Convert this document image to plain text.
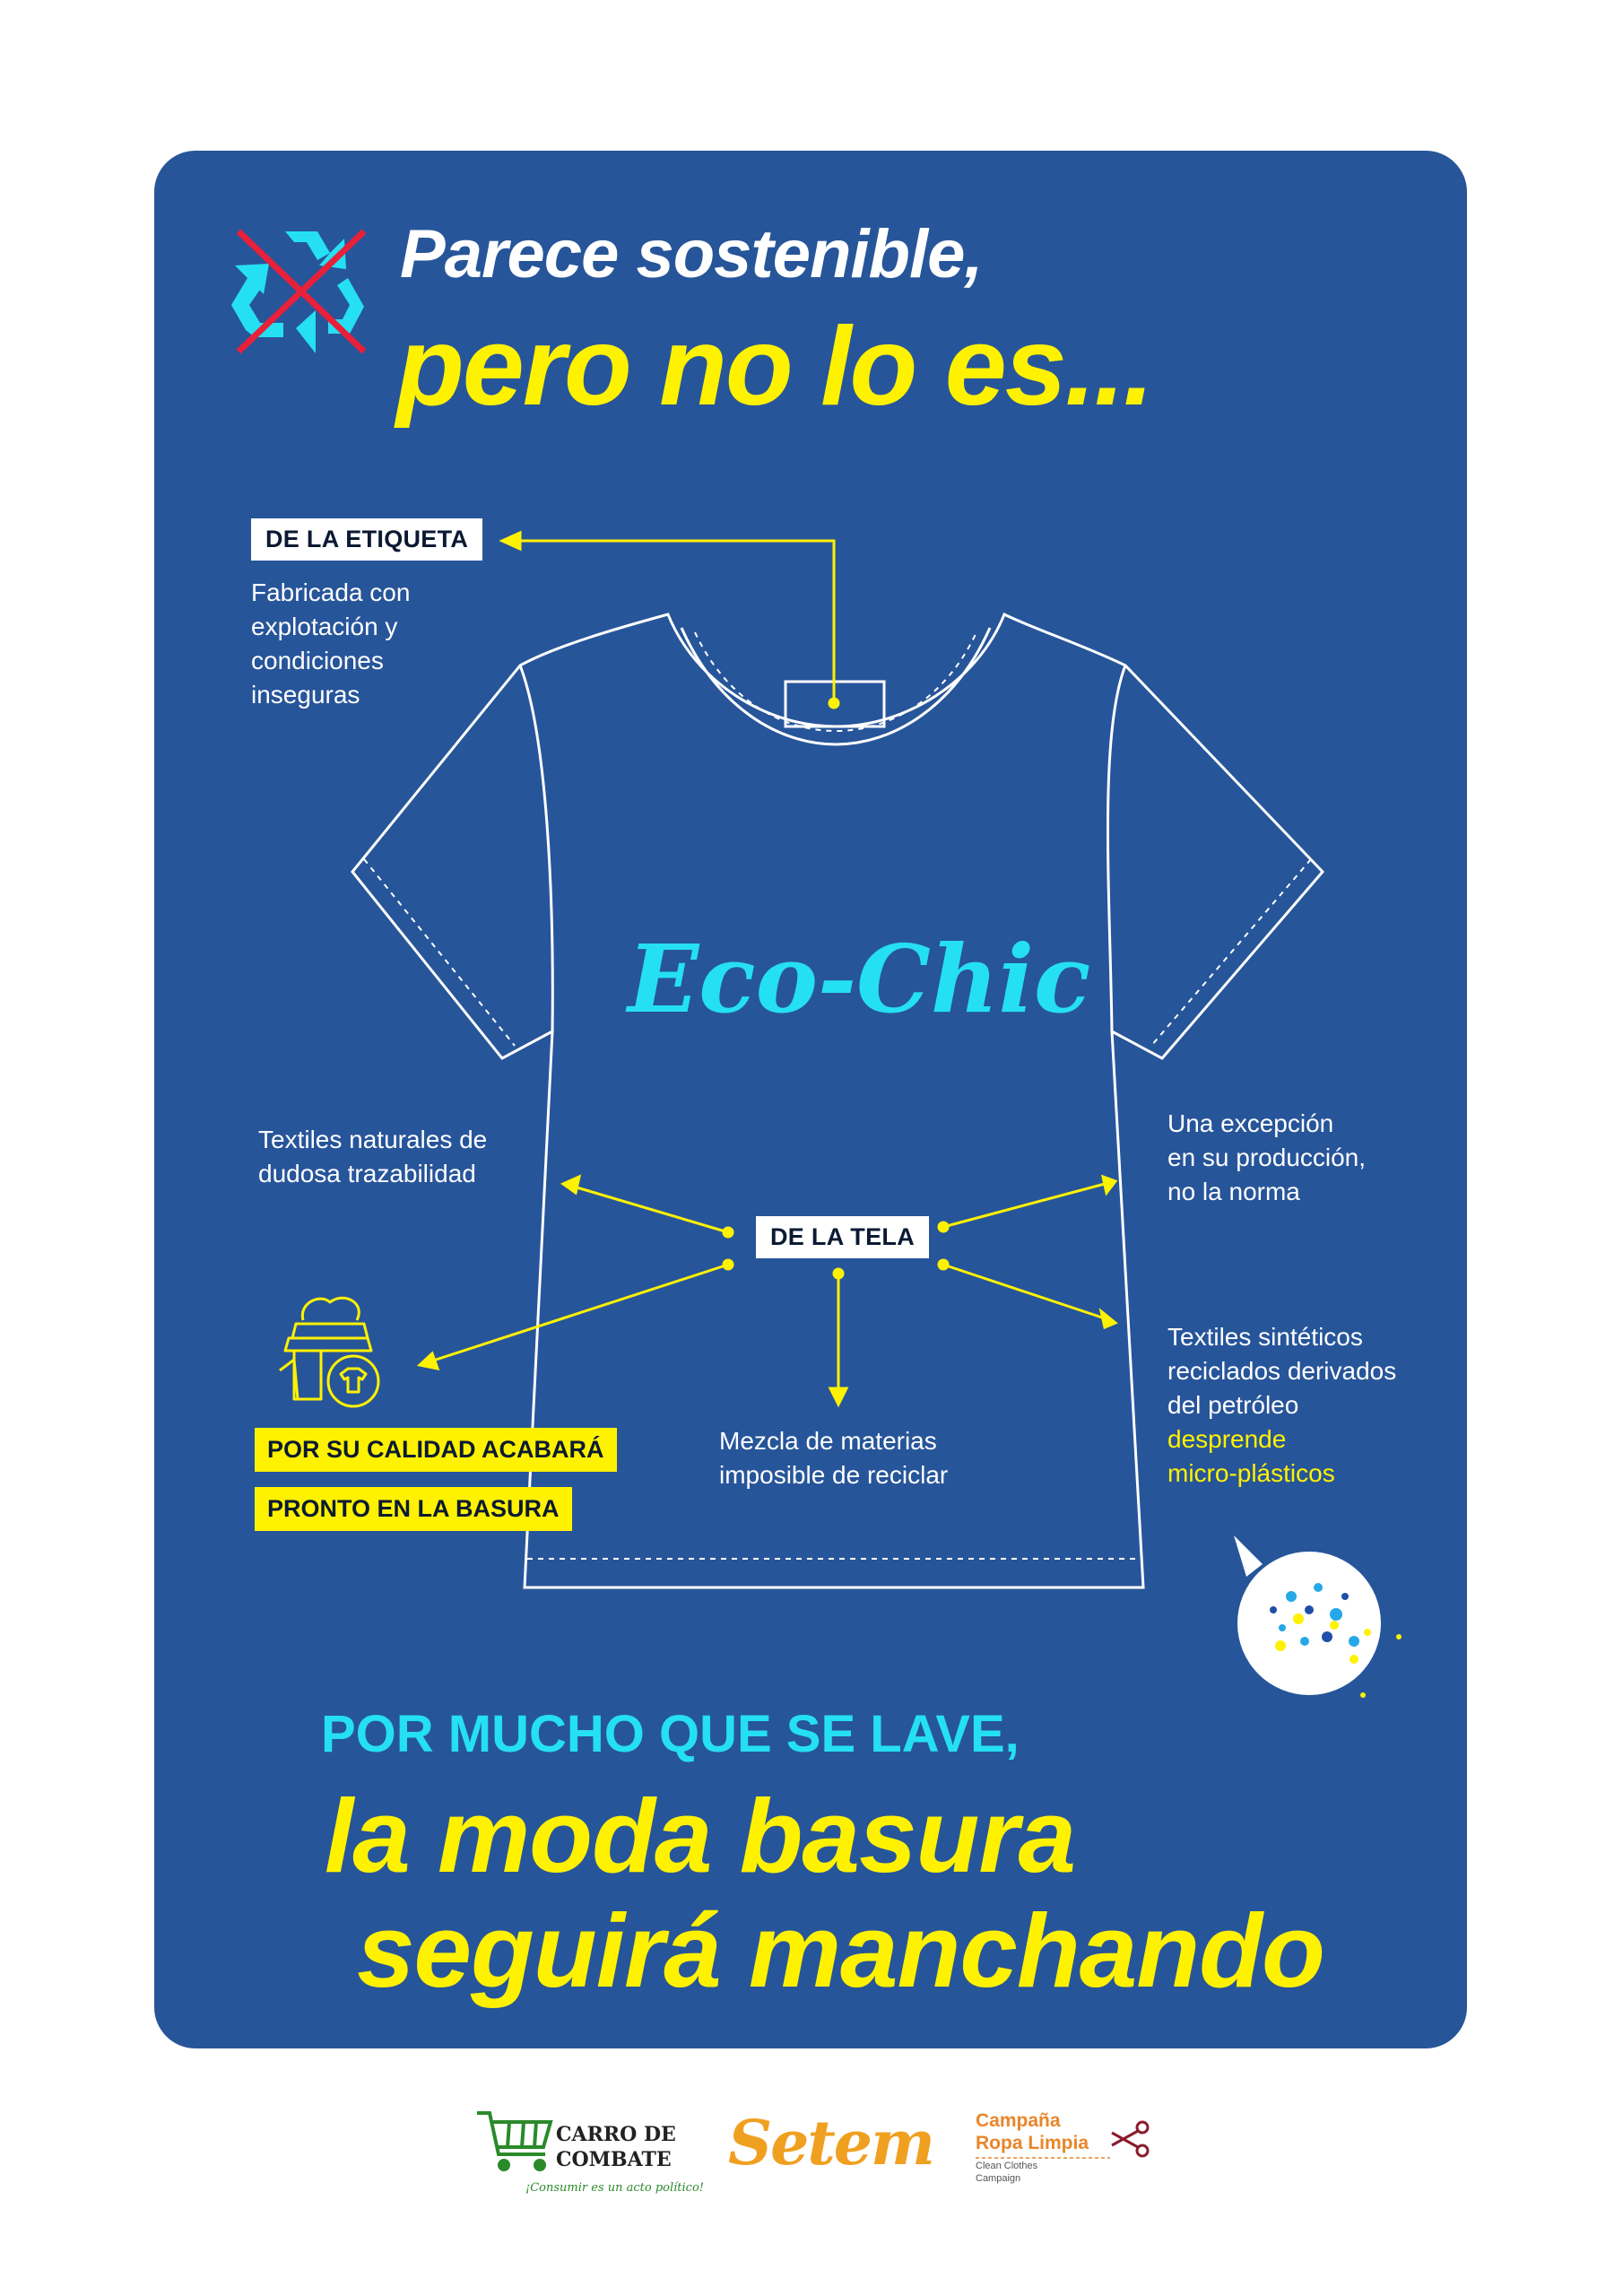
Parece sostenible,
pero no lo es...
Eco-Chic
DE LA ETIQUETA
Fabricada con
explotación y
condiciones
inseguras
Textiles naturales de
dudosa trazabilidad
Una excepción
en su producción,
no la norma
DE LA TELA
Textiles sintéticos
reciclados derivados
del petróleo
desprende
micro-plásticos
Mezcla de materias
imposible de reciclar
POR SU CALIDAD ACABARÁ
PRONTO EN LA BASURA
POR MUCHO QUE SE LAVE,
la moda basura
seguirá manchando
CARRO DE
COMBATE
¡Consumir es un acto político!
Setem Campaña
Ropa Limpia
Clean Clothes
Campaign
